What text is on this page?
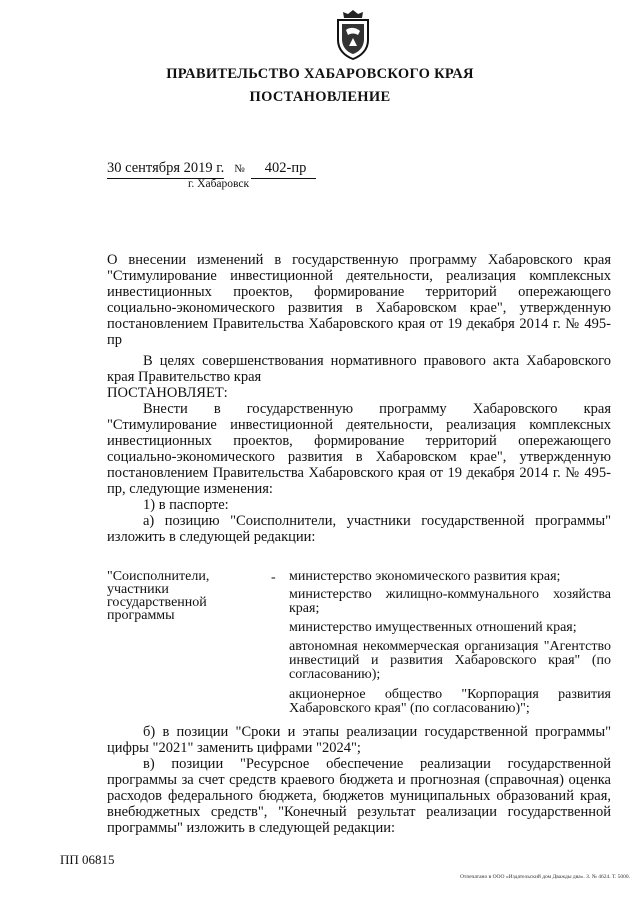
ПРАВИТЕЛЬСТВО ХАБАРОВСКОГО КРАЯ
ПОСТАНОВЛЕНИЕ
30 сентября 2019 г. № 402-пр
г. Хабаровск
О внесении изменений в государственную программу Хабаровского края "Стимулирование инвестиционной деятельности, реализация комплексных инвестиционных проектов, формирование территорий опережающего социально-экономического развития в Хабаровском крае", утвержденную постановлением Правительства Хабаровского края от 19 декабря 2014 г. № 495-пр

В целях совершенствования нормативного правового акта Хабаровского края Правительство края

ПОСТАНОВЛЯЕТ:

Внести в государственную программу Хабаровского края "Стимулирование инвестиционной деятельности, реализация комплексных инвестиционных проектов, формирование территорий опережающего социально-экономического развития в Хабаровском крае", утвержденную постановлением Правительства Хабаровского края от 19 декабря 2014 г. № 495-пр, следующие изменения:

1) в паспорте:

а) позицию "Соисполнители, участники государственной программы" изложить в следующей редакции:

"Соисполнители, участники государственной программы
- министерство экономического развития края;
министерство жилищно-коммунального хозяйства края;
министерство имущественных отношений края;
автономная некоммерческая организация "Агентство инвестиций и развития Хабаровского края" (по согласованию);
акционерное общество "Корпорация развития Хабаровского края" (по согласованию)";

б) в позиции "Сроки и этапы реализации государственной программы" цифры "2021" заменить цифрами "2024";

в) позиции "Ресурсное обеспечение реализации государственной программы за счет средств краевого бюджета и прогнозная (справочная) оценка расходов федерального бюджета, бюджетов муниципальных образований края, внебюджетных средств", "Конечный результат реализации государственной программы" изложить в следующей редакции:

ПП 06815
Отпечатано в ООО «Издательский дом Дважды два». З. № 4624. Т. 5000.
